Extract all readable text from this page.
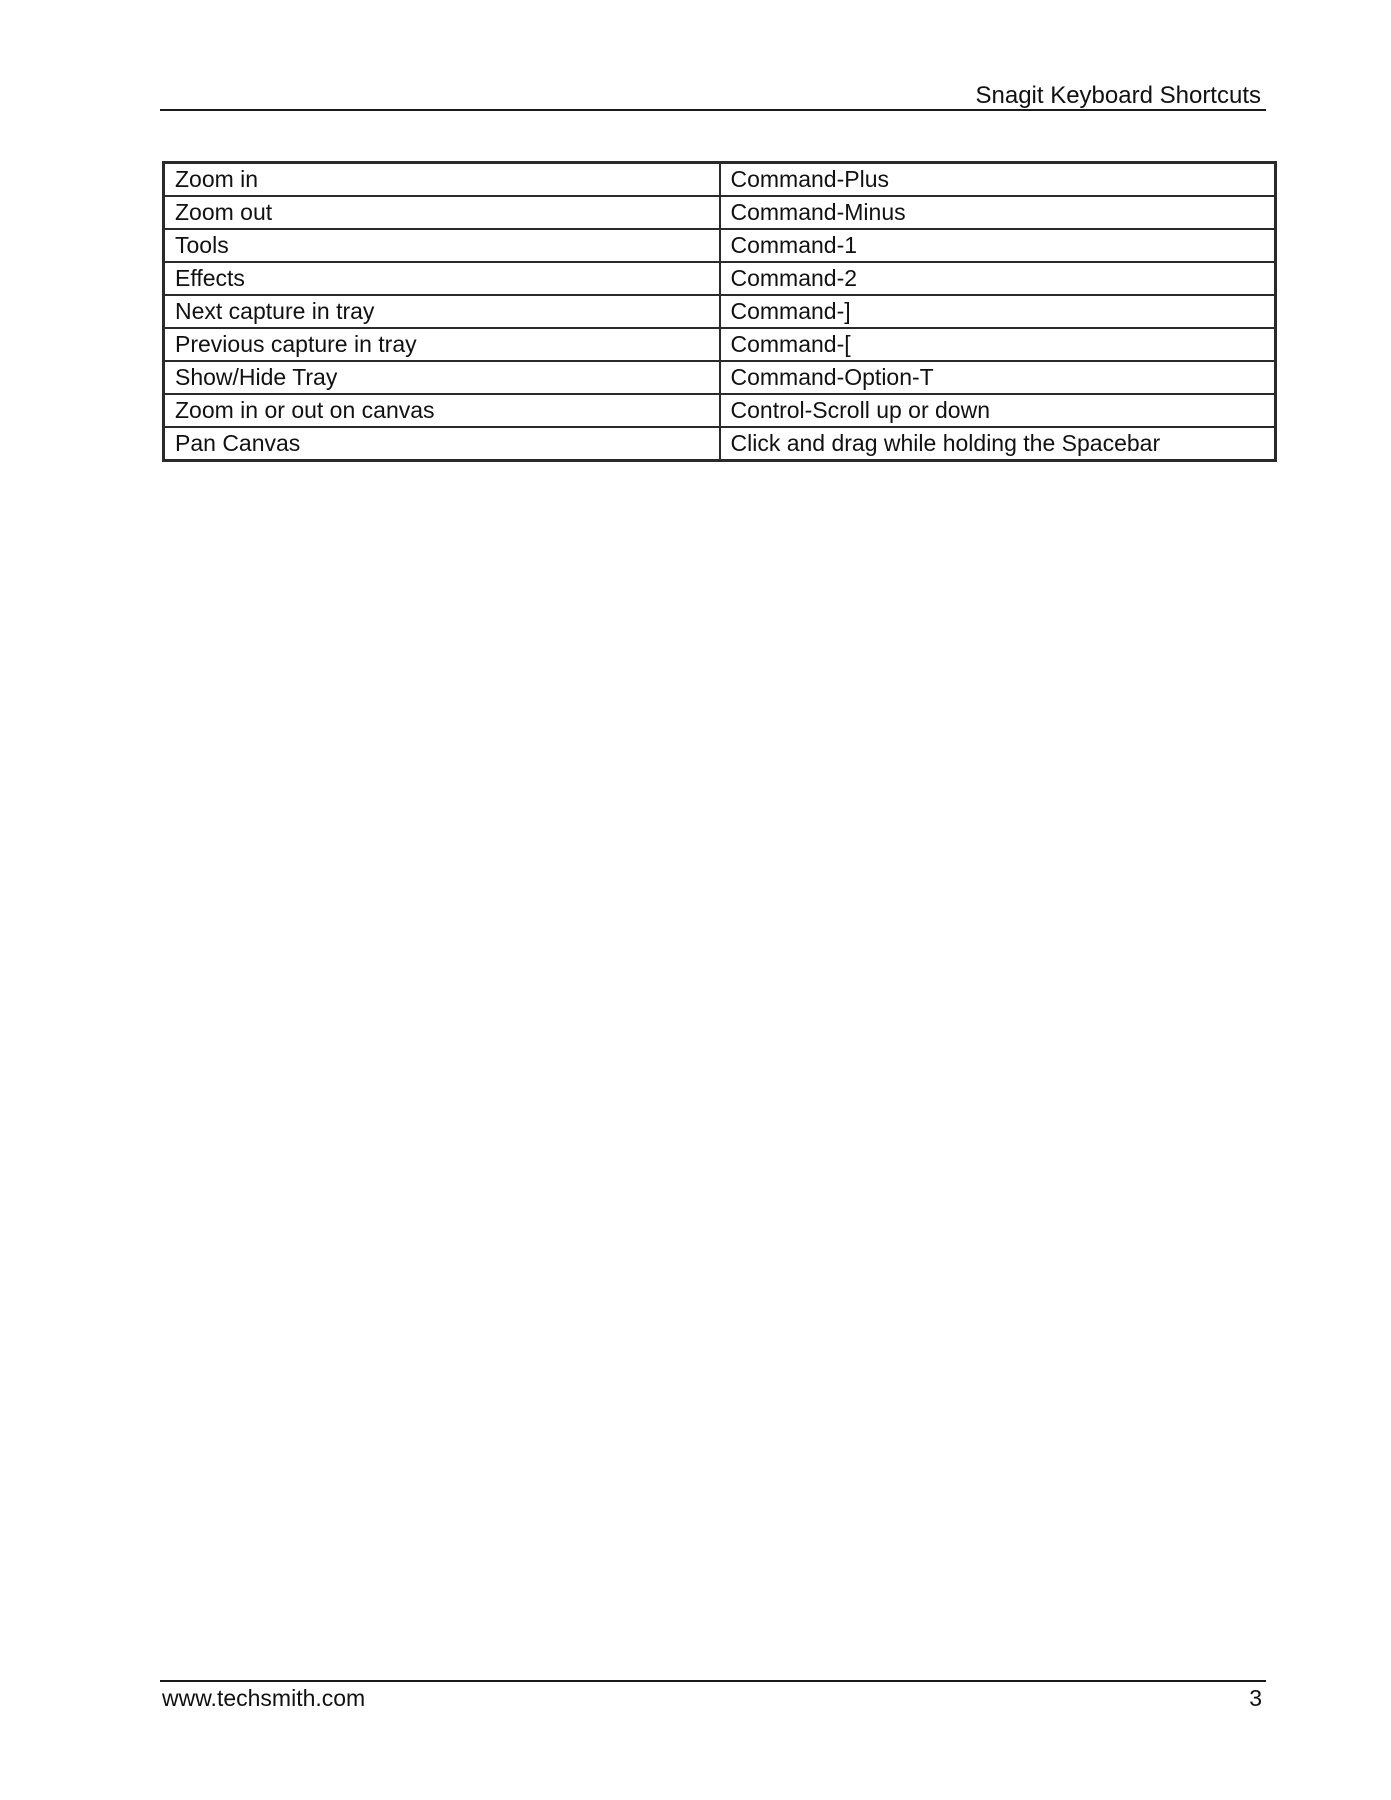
Snagit Keyboard Shortcuts
Zoom in	Command-Plus
Zoom out	Command-Minus
Tools	Command-1
Effects	Command-2
Next capture in tray	Command-]
Previous capture in tray	Command-[
Show/Hide Tray	Command-Option-T
Zoom in or out on canvas	Control-Scroll up or down
Pan Canvas	Click and drag while holding the Spacebar
www.techsmith.com	3
